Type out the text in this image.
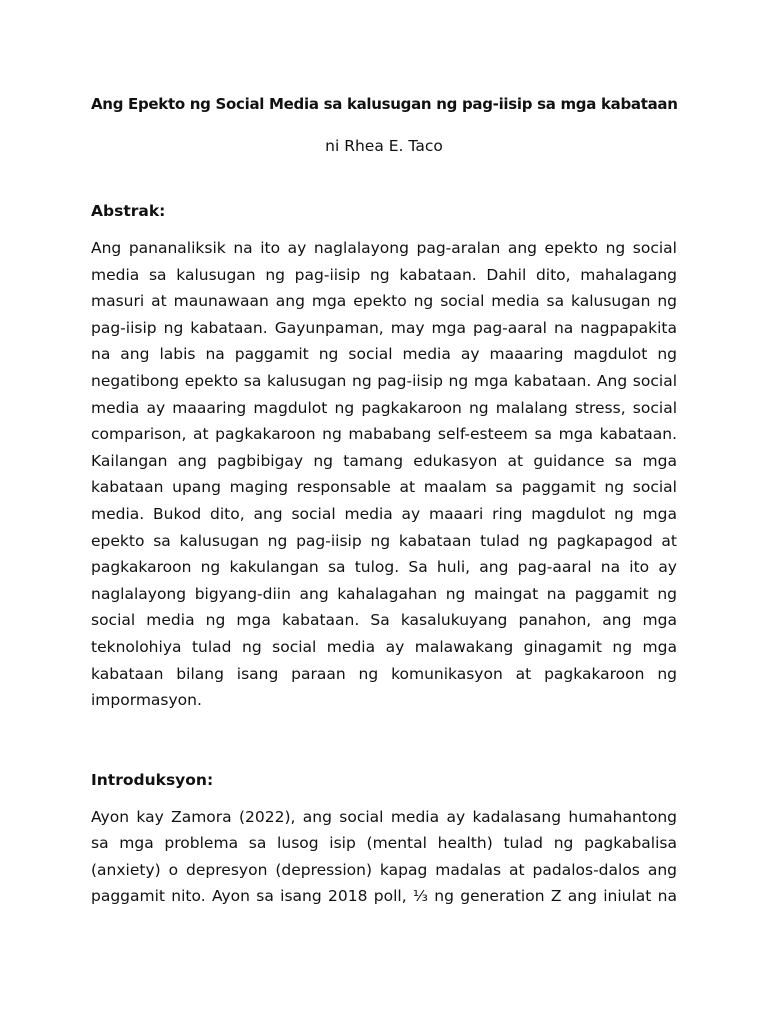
Ang Epekto ng Social Media sa kalusugan ng pag-iisip sa mga kabataan
ni Rhea E. Taco
Abstrak:
Ang pananaliksik na ito ay naglalayong pag-aralan ang epekto ng social
media sa kalusugan ng pag-iisip ng kabataan. Dahil dito, mahalagang
masuri at maunawaan ang mga epekto ng social media sa kalusugan ng
pag-iisip ng kabataan. Gayunpaman, may mga pag-aaral na nagpapakita
na ang labis na paggamit ng social media ay maaaring magdulot ng
negatibong epekto sa kalusugan ng pag-iisip ng mga kabataan. Ang social
media ay maaaring magdulot ng pagkakaroon ng malalang stress, social
comparison, at pagkakaroon ng mababang self-esteem sa mga kabataan.
Kailangan ang pagbibigay ng tamang edukasyon at guidance sa mga
kabataan upang maging responsable at maalam sa paggamit ng social
media. Bukod dito, ang social media ay maaari ring magdulot ng mga
epekto sa kalusugan ng pag-iisip ng kabataan tulad ng pagkapagod at
pagkakaroon ng kakulangan sa tulog. Sa huli, ang pag-aaral na ito ay
naglalayong bigyang-diin ang kahalagahan ng maingat na paggamit ng
social media ng mga kabataan. Sa kasalukuyang panahon, ang mga
teknolohiya tulad ng social media ay malawakang ginagamit ng mga
kabataan bilang isang paraan ng komunikasyon at pagkakaroon ng
impormasyon.
Introduksyon:
Ayon kay Zamora (2022), ang social media ay kadalasang humahantong
sa mga problema sa lusog isip (mental health) tulad ng pagkabalisa
(anxiety) o depresyon (depression) kapag madalas at padalos-dalos ang
paggamit nito. Ayon sa isang 2018 poll, ⅓ ng generation Z ang iniulat na
